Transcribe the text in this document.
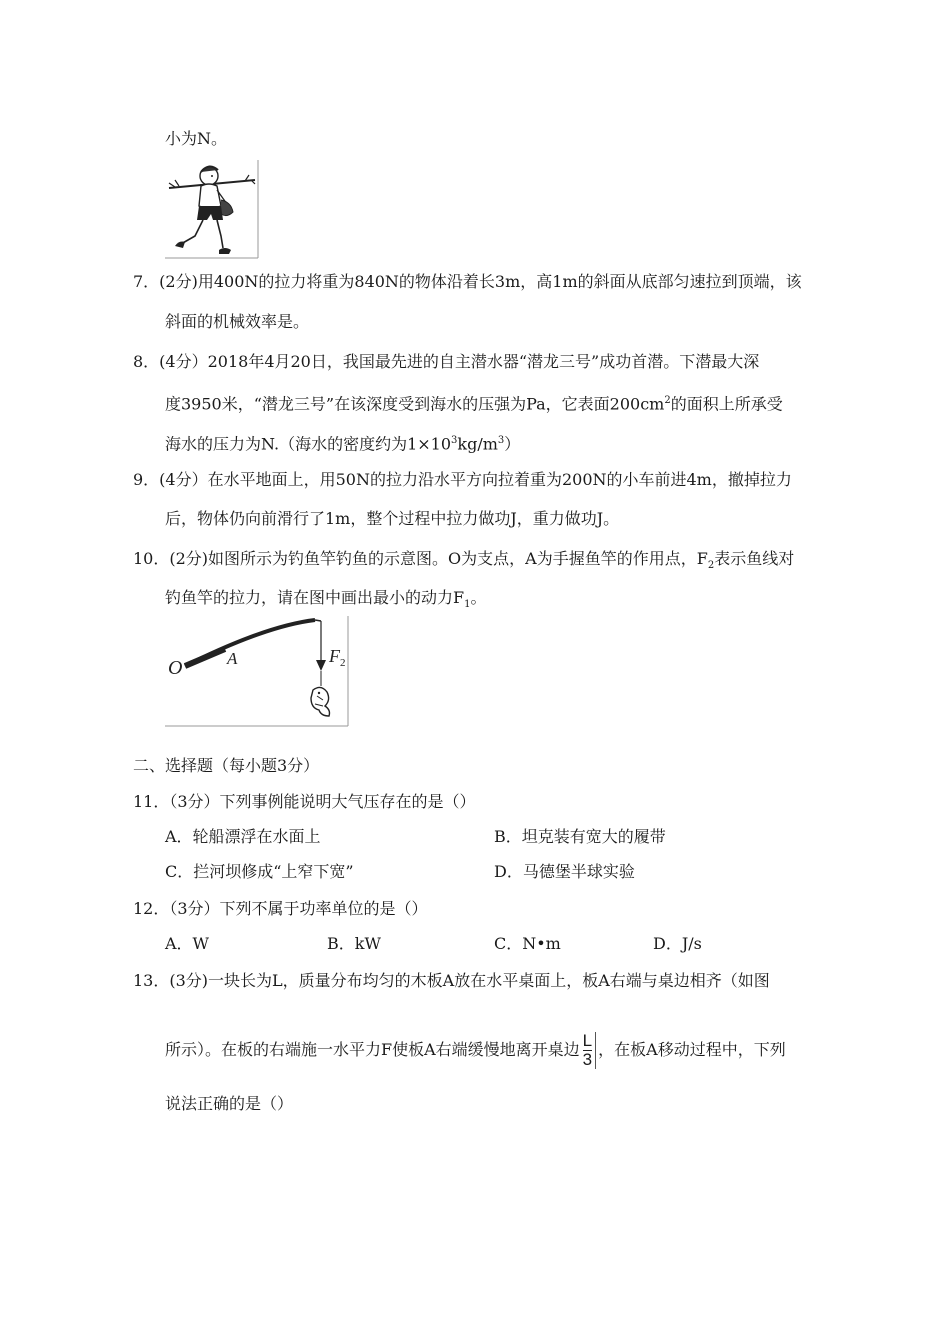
小为N。
7．(2分)用400N的拉力将重为840N的物体沿着长3m，高1m的斜面从底部匀速拉到顶端，该
斜面的机械效率是。
8．(4分）2018年4月20日，我国最先进的自主潜水器“潜龙三号”成功首潜。下潜最大深
度3950米，“潜龙三号”在该深度受到海水的压强为Pa，它表面$200cm^2$的面积上所承受
海水的压力为N.（海水的密度约为$1\times 10^3kg/m^3$）
9．(4分）在水平地面上，用50N的拉力沿水平方向拉着重为200N的小车前进4m，撤掉拉力
后，物体仍向前滑行了1m，整个过程中拉力做功J，重力做功J。
10．(2分)如图所示为钓鱼竿钓鱼的示意图。O为支点，A为手握鱼竿的作用点，$F_2$表示鱼线对
钓鱼竿的拉力，请在图中画出最小的动力$F_1$。
O	A	F 2
二、选择题（每小题3分）
11．（3分）下列事例能说明大气压存在的是（）
A．轮船漂浮在水面上	B．坦克装有宽大的履带
C．拦河坝修成“上窄下宽”	D．马德堡半球实验
12．（3分）下列不属于功率单位的是（）
A．W	B．kW	C．N•m	D．J/s
13．(3分)一块长为L，质量分布均匀的木板A放在水平桌面上，板A右端与桌边相齐（如图
所示）。在板的右端施一水平力F使板A右端缓慢地离开桌边 $\frac{L}{3}$ ，在板A移动过程中，下列
说法正确的是（）
